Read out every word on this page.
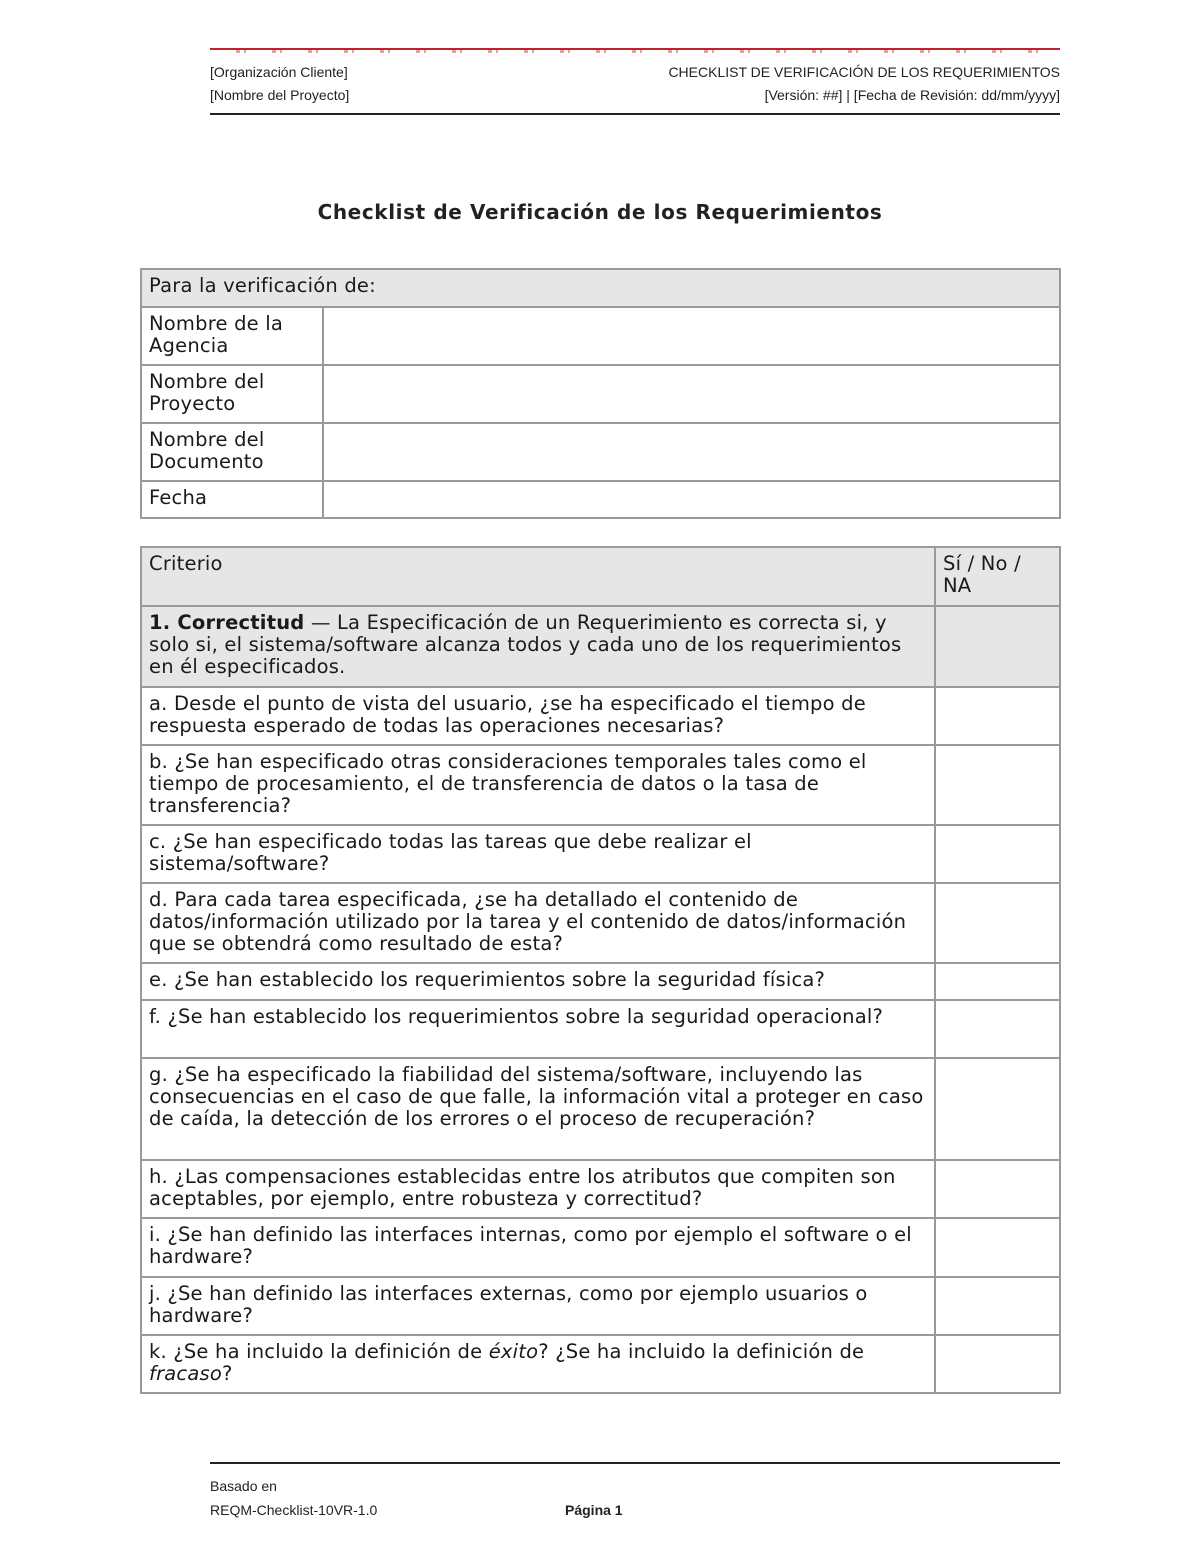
[Organización Cliente]	CHECKLIST DE VERIFICACIÓN DE LOS REQUERIMIENTOS
[Nombre del Proyecto]	[Versión: ##] | [Fecha de Revisión: dd/mm/yyyy]
Checklist de Verificación de los Requerimientos
Para la verificación de:	
Nombre de la Agencia	
Nombre del Proyecto	
Nombre del Documento	
Fecha	
Criterio	Sí / No / NA
1. Correctitud — La Especificación de un Requerimiento es correcta si, y solo si, el sistema/software alcanza todos y cada uno de los requerimientos en él especificados.	
a. Desde el punto de vista del usuario, ¿se ha especificado el tiempo de respuesta esperado de todas las operaciones necesarias?	
b. ¿Se han especificado otras consideraciones temporales tales como el tiempo de procesamiento, el de transferencia de datos o la tasa de transferencia?	
c. ¿Se han especificado todas las tareas que debe realizar el sistema/software?	
d. Para cada tarea especificada, ¿se ha detallado el contenido de datos/información utilizado por la tarea y el contenido de datos/información que se obtendrá como resultado de esta?	
e. ¿Se han establecido los requerimientos sobre la seguridad física?	
f. ¿Se han establecido los requerimientos sobre la seguridad operacional?	
g. ¿Se ha especificado la fiabilidad del sistema/software, incluyendo las consecuencias en el caso de que falle, la información vital a proteger en caso de caída, la detección de los errores o el proceso de recuperación?	
h. ¿Las compensaciones establecidas entre los atributos que compiten son aceptables, por ejemplo, entre robusteza y correctitud?	
i. ¿Se han definido las interfaces internas, como por ejemplo el software o el hardware?	
j. ¿Se han definido las interfaces externas, como por ejemplo usuarios o hardware?	
k. ¿Se ha incluido la definición de éxito? ¿Se ha incluido la definición de fracaso?	
Basado en
REQM-Checklist-10VR-1.0	Página 1
